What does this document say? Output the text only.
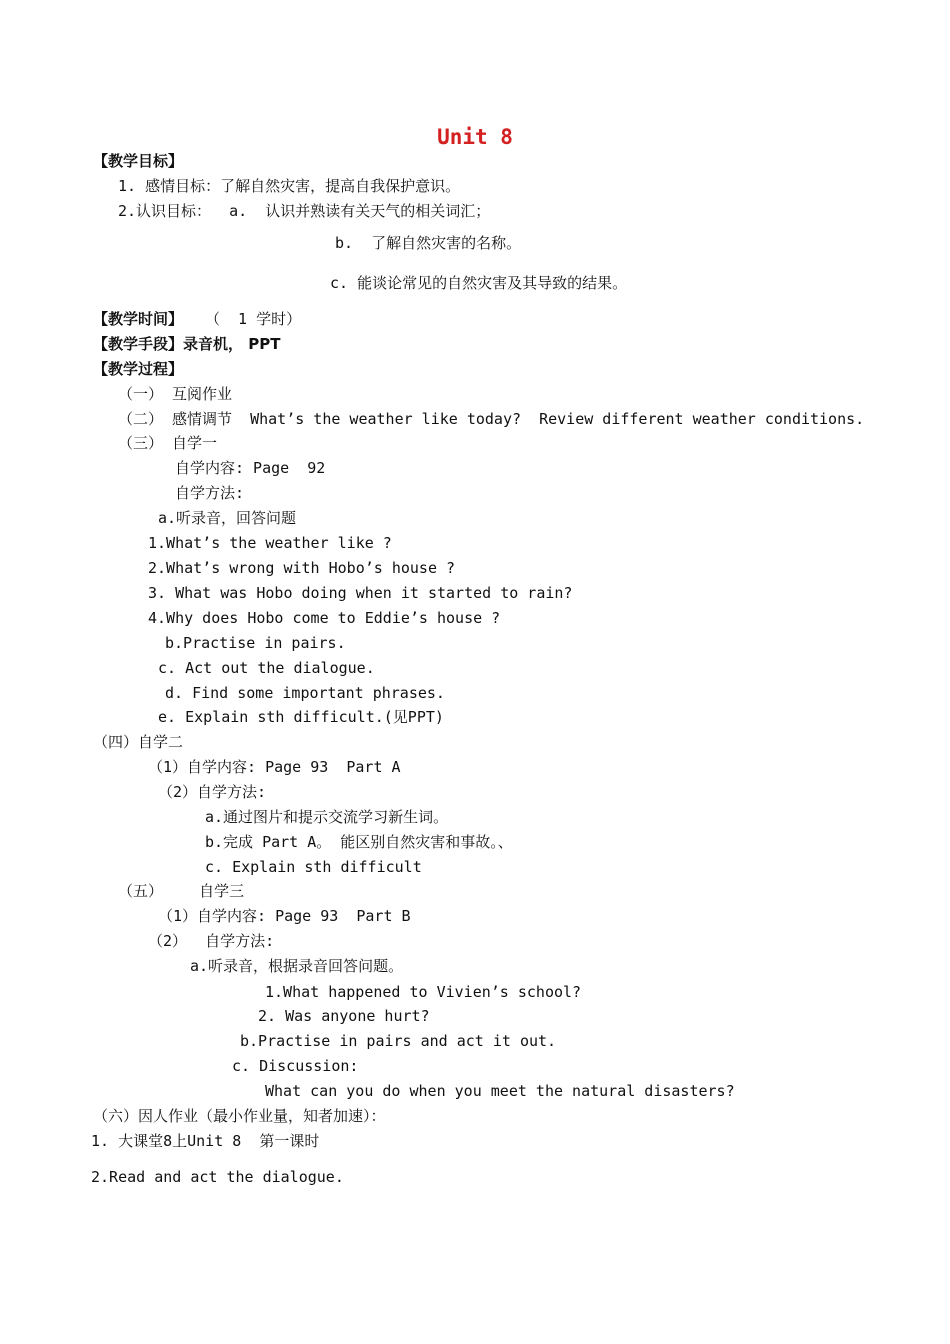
Unit 8
【教学目标】
1. 感情目标：了解自然灾害，提高自我保护意识。
2.认识目标：  a.  认识并熟读有关天气的相关词汇；
b.  了解自然灾害的名称。
c. 能谈论常见的自然灾害及其导致的结果。
【教学时间】 （  1 学时）
【教学手段】录音机， PPT
【教学过程】
（一） 互阅作业
（二） 感情调节  What’s the weather like today?  Review different weather conditions.
（三） 自学一
自学内容: Page  92
自学方法:
a.听录音，回答问题
1.What’s the weather like ?
2.What’s wrong with Hobo’s house ?
3. What was Hobo doing when it started to rain?
4.Why does Hobo come to Eddie’s house ?
b.Practise in pairs.
c. Act out the dialogue.
d. Find some important phrases.
e. Explain sth difficult.(见PPT)
（四）自学二
（1）自学内容: Page 93  Part A
（2）自学方法:
a.通过图片和提示交流学习新生词。
b.完成 Part A。 能区别自然灾害和事故。、
c. Explain sth difficult
（五）    自学三
（1）自学内容: Page 93  Part B
（2）  自学方法:
a.听录音，根据录音回答问题。
1.What happened to Vivien’s school?
2. Was anyone hurt?
b.Practise in pairs and act it out.
c. Discussion:
What can you do when you meet the natural disasters?
（六）因人作业（最小作业量，知者加速）：
1. 大课堂8上Unit 8  第一课时
2.Read and act the dialogue.
